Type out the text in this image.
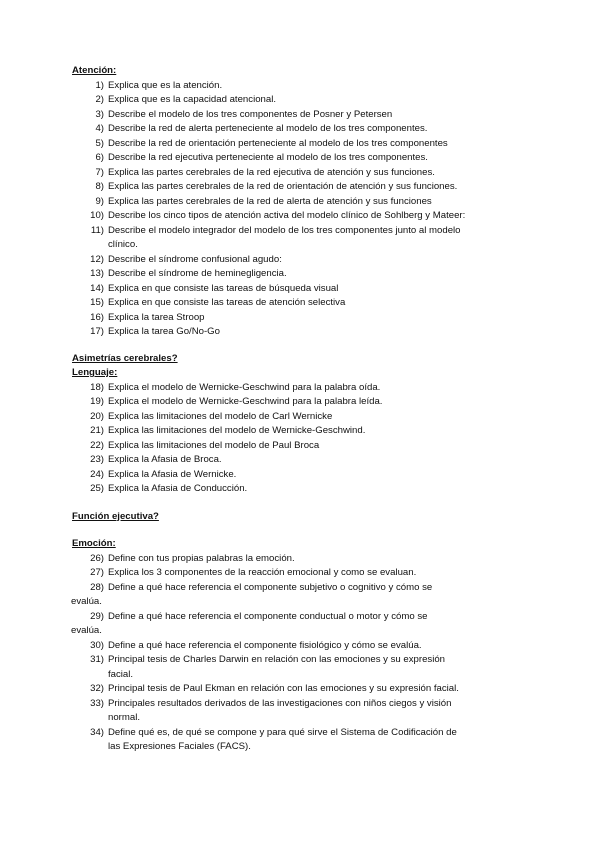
Atención:

1) Explica que es la atención.
2) Explica que es la capacidad atencional.
3) Describe el modelo de los tres componentes de Posner y Petersen
4) Describe la red de alerta perteneciente al modelo de los tres componentes.
5) Describe la red de orientación perteneciente al modelo de los tres componentes
6) Describe la red ejecutiva perteneciente al modelo de los tres componentes.
7) Explica las partes cerebrales de la red ejecutiva de atención y sus funciones.
8) Explica las partes cerebrales de la red de orientación de atención y sus funciones.
9) Explica las partes cerebrales de la red de alerta de atención y sus funciones
10) Describe los cinco tipos de atención activa del modelo clínico de Sohlberg y Mateer:
11) Describe el modelo integrador del modelo de los tres componentes junto al modelo
clínico.
12) Describe el síndrome confusional agudo:
13) Describe el síndrome de heminegligencia.
14) Explica en que consiste las tareas de búsqueda visual
15) Explica en que consiste las tareas de atención selectiva
16) Explica la tarea Stroop
17) Explica la tarea Go/No-Go

Asimetrías cerebrales?

Lenguaje:

18) Explica el modelo de Wernicke-Geschwind para la palabra oída.
19) Explica el modelo de Wernicke-Geschwind para la palabra leída.
20) Explica las limitaciones del modelo de Carl Wernicke
21) Explica las limitaciones del modelo de Wernicke-Geschwind.
22) Explica las limitaciones del modelo de Paul Broca
23) Explica la Afasia de Broca.
24) Explica la Afasia de Wernicke.
25) Explica la Afasia de Conducción.

Función ejecutiva?

Emoción:

26) Define con tus propias palabras la emoción.
27) Explica los 3 componentes de la reacción emocional y como se evaluan.
28) Define a qué hace referencia el componente subjetivo o cognitivo y cómo se
evalúa.
29) Define a qué hace referencia el componente conductual o motor y cómo se
evalúa.
30) Define a qué hace referencia el componente fisiológico y cómo se evalúa.
31) Principal tesis de Charles Darwin en relación con las emociones y su expresión
facial.
32) Principal tesis de Paul Ekman en relación con las emociones y su expresión facial.
33) Principales resultados derivados de las investigaciones con niños ciegos y visión
normal.
34) Define qué es, de qué se compone y para qué sirve el Sistema de Codificación de
las Expresiones Faciales (FACS).
